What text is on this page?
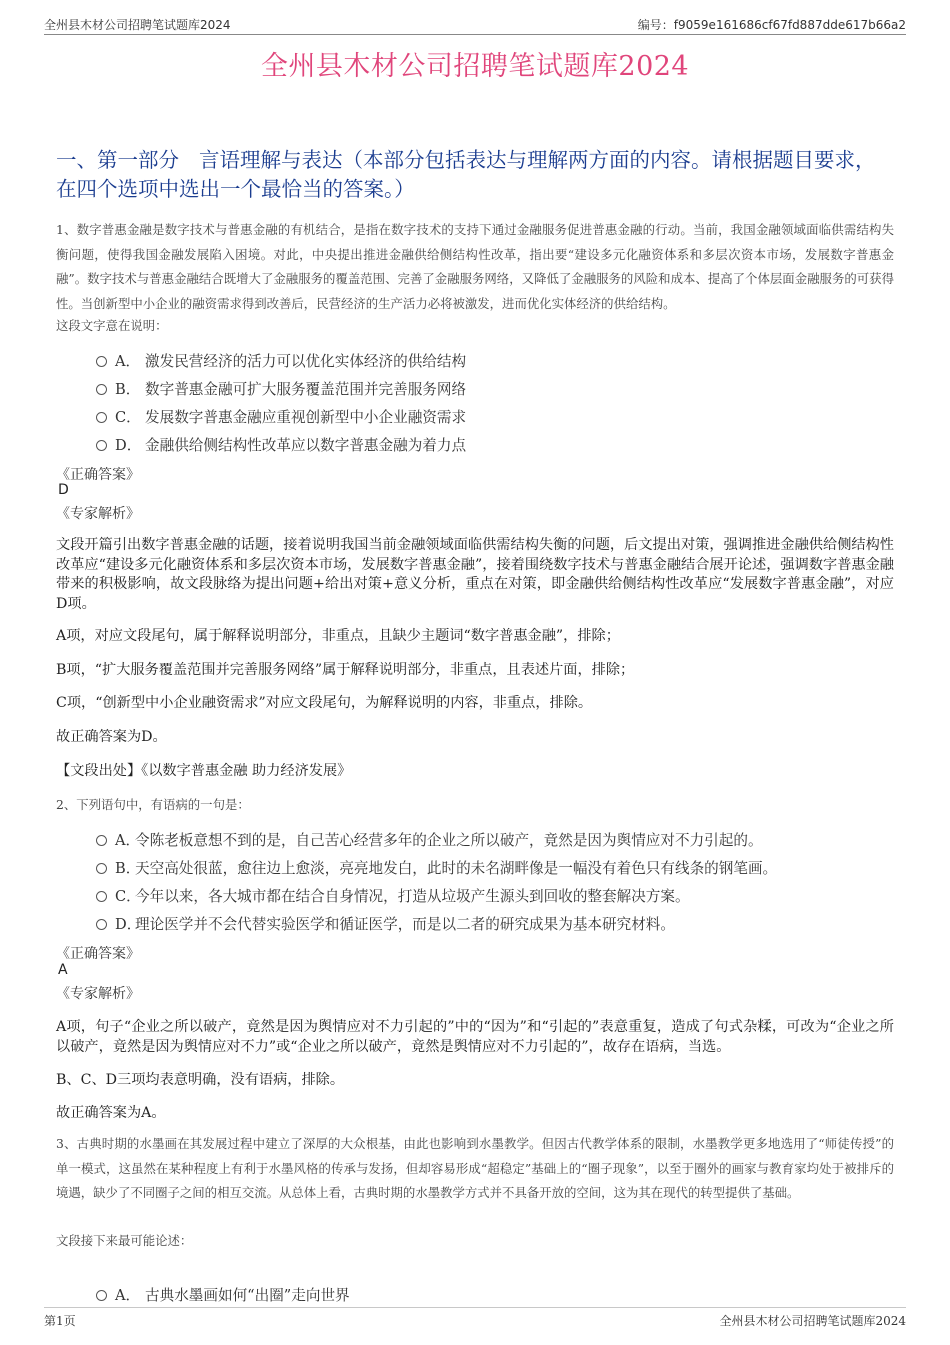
全州县木材公司招聘笔试题库2024	编号：f9059e161686cf67fd887dde617b66a2
全州县木材公司招聘笔试题库2024
一、第一部分 言语理解与表达（本部分包括表达与理解两方面的内容。请根据题目要求，在四个选项中选出一个最恰当的答案。）
1、数字普惠金融是数字技术与普惠金融的有机结合，是指在数字技术的支持下通过金融服务促进普惠金融的行动。当前，我国金融领域面临供需结构失衡问题，使得我国金融发展陷入困境。对此，中央提出推进金融供给侧结构性改革，指出要“建设多元化融资体系和多层次资本市场，发展数字普惠金融”。数字技术与普惠金融结合既增大了金融服务的覆盖范围、完善了金融服务网络，又降低了金融服务的风险和成本、提高了个体层面金融服务的可获得性。当创新型中小企业的融资需求得到改善后，民营经济的生产活力必将被激发，进而优化实体经济的供给结构。
这段文字意在说明：
A． 激发民营经济的活力可以优化实体经济的供给结构
B． 数字普惠金融可扩大服务覆盖范围并完善服务网络
C． 发展数字普惠金融应重视创新型中小企业融资需求
D． 金融供给侧结构性改革应以数字普惠金融为着力点
《正确答案》
D
《专家解析》
文段开篇引出数字普惠金融的话题，接着说明我国当前金融领域面临供需结构失衡的问题，后文提出对策，强调推进金融供给侧结构性改革应“建设多元化融资体系和多层次资本市场，发展数字普惠金融”，接着围绕数字技术与普惠金融结合展开论述，强调数字普惠金融带来的积极影响，故文段脉络为提出问题+给出对策+意义分析，重点在对策，即金融供给侧结构性改革应“发展数字普惠金融”，对应D项。
A项，对应文段尾句，属于解释说明部分，非重点，且缺少主题词“数字普惠金融”，排除；
B项，“扩大服务覆盖范围并完善服务网络”属于解释说明部分，非重点，且表述片面，排除；
C项，“创新型中小企业融资需求”对应文段尾句，为解释说明的内容，非重点，排除。
故正确答案为D。
【文段出处】《以数字普惠金融 助力经济发展》
2、下列语句中，有语病的一句是：
A．令陈老板意想不到的是，自己苦心经营多年的企业之所以破产，竟然是因为舆情应对不力引起的。
B．天空高处很蓝，愈往边上愈淡，亮亮地发白，此时的未名湖畔像是一幅没有着色只有线条的钢笔画。
C．今年以来，各大城市都在结合自身情况，打造从垃圾产生源头到回收的整套解决方案。
D．理论医学并不会代替实验医学和循证医学，而是以二者的研究成果为基本研究材料。
《正确答案》
A
《专家解析》
A项，句子“企业之所以破产，竟然是因为舆情应对不力引起的”中的“因为”和“引起的”表意重复，造成了句式杂糅，可改为“企业之所以破产，竟然是因为舆情应对不力”或“企业之所以破产，竟然是舆情应对不力引起的”，故存在语病，当选。
B、C、D三项均表意明确，没有语病，排除。
故正确答案为A。
3、古典时期的水墨画在其发展过程中建立了深厚的大众根基，由此也影响到水墨教学。但因古代教学体系的限制，水墨教学更多地选用了“师徒传授”的单一模式，这虽然在某种程度上有利于水墨风格的传承与发扬，但却容易形成“超稳定”基础上的“圈子现象”，以至于圈外的画家与教育家均处于被排斥的境遇，缺少了不同圈子之间的相互交流。从总体上看，古典时期的水墨教学方式并不具备开放的空间，这为其在现代的转型提供了基础。
文段接下来最可能论述：
A． 古典水墨画如何“出圈”走向世界
第1页	全州县木材公司招聘笔试题库2024
